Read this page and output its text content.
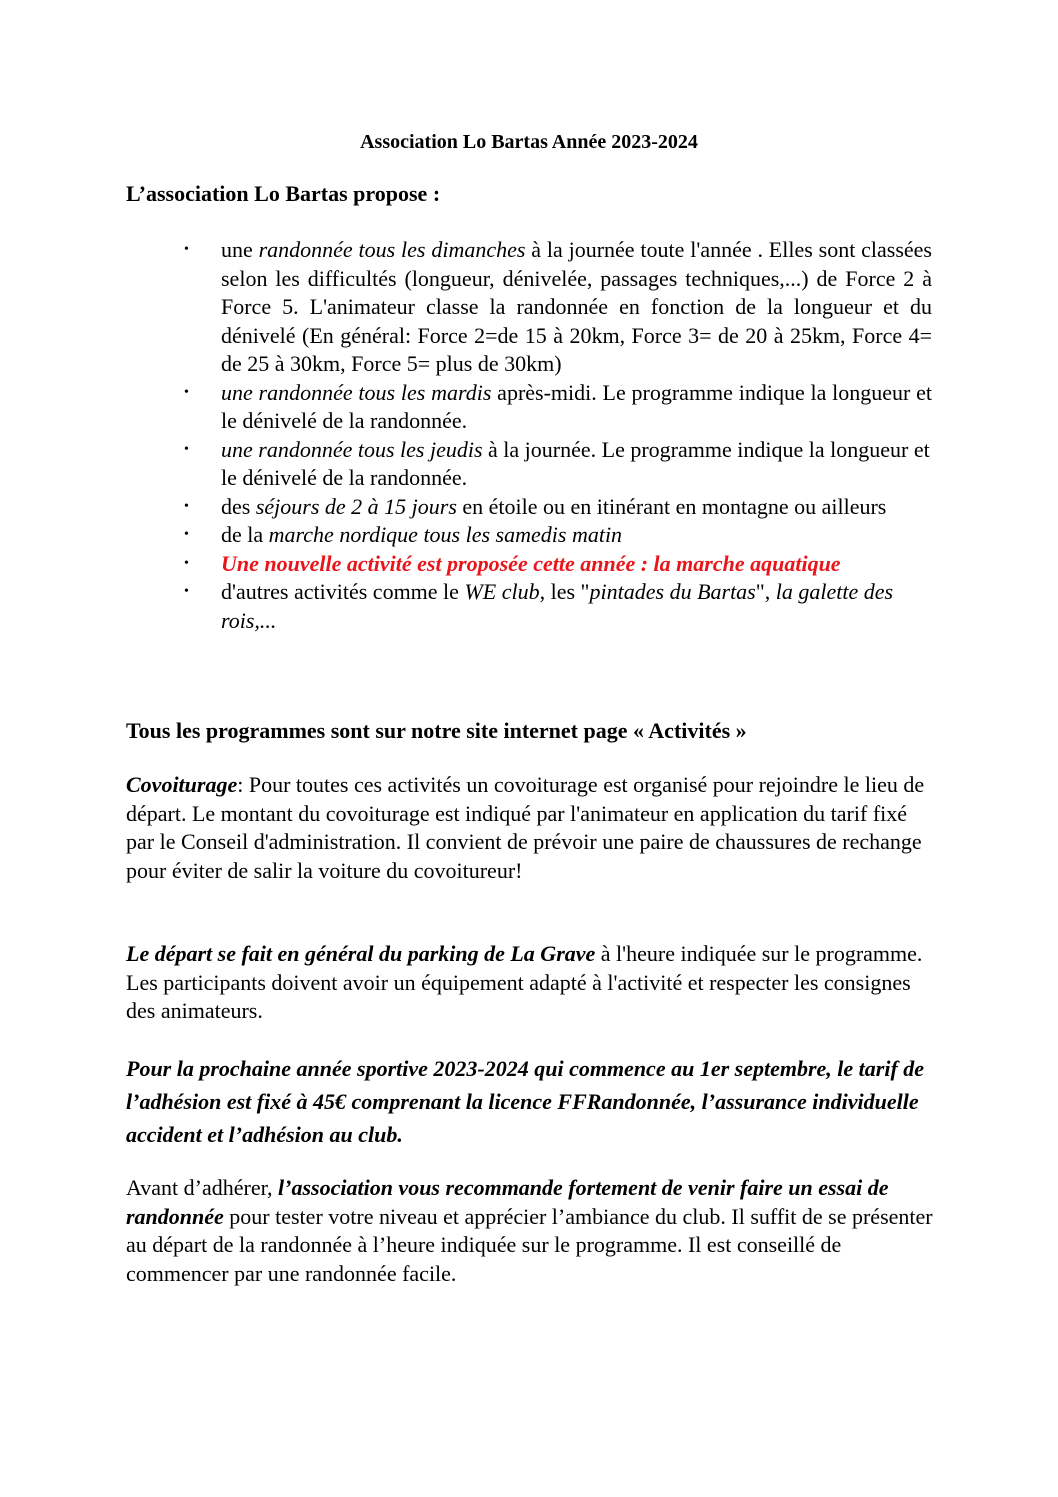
Association Lo Bartas Année 2023-2024
L’association Lo Bartas propose :
• une randonnée tous les dimanches à la journée toute l'année . Elles sont classées selon les difficultés (longueur, dénivelée, passages techniques,...) de Force 2 à Force 5. L'animateur classe la randonnée en fonction de la longueur et du dénivelé (En général: Force 2=de 15 à 20km, Force 3= de 20 à 25km, Force 4= de 25 à 30km, Force 5= plus de 30km)
• une randonnée tous les mardis après-midi. Le programme indique la longueur et le dénivelé de la randonnée.
• une randonnée tous les jeudis à la journée. Le programme indique la longueur et le dénivelé de la randonnée.
• des séjours de 2 à 15 jours en étoile ou en itinérant en montagne ou ailleurs
• de la marche nordique tous les samedis matin
• Une nouvelle activité est proposée cette année : la marche aquatique
• d'autres activités comme le WE club, les "pintades du Bartas", la galette des rois,...
Tous les programmes sont sur notre site internet page « Activités »
Covoiturage: Pour toutes ces activités un covoiturage est organisé pour rejoindre le lieu de départ. Le montant du covoiturage est indiqué par l'animateur en application du tarif fixé par le Conseil d'administration. Il convient de prévoir une paire de chaussures de rechange pour éviter de salir la voiture du covoitureur!
Le départ se fait en général du parking de La Grave à l'heure indiquée sur le programme. Les participants doivent avoir un équipement adapté à l'activité et respecter les consignes des animateurs.
Pour la prochaine année sportive 2023-2024 qui commence au 1er septembre, le tarif de l’adhésion est fixé à 45€ comprenant la licence FFRandonnée, l’assurance individuelle accident et l’adhésion au club.
Avant d’adhérer, l’association vous recommande fortement de venir faire un essai de randonnée pour tester votre niveau et apprécier l’ambiance du club. Il suffit de se présenter au départ de la randonnée à l’heure indiquée sur le programme. Il est conseillé de commencer par une randonnée facile.
